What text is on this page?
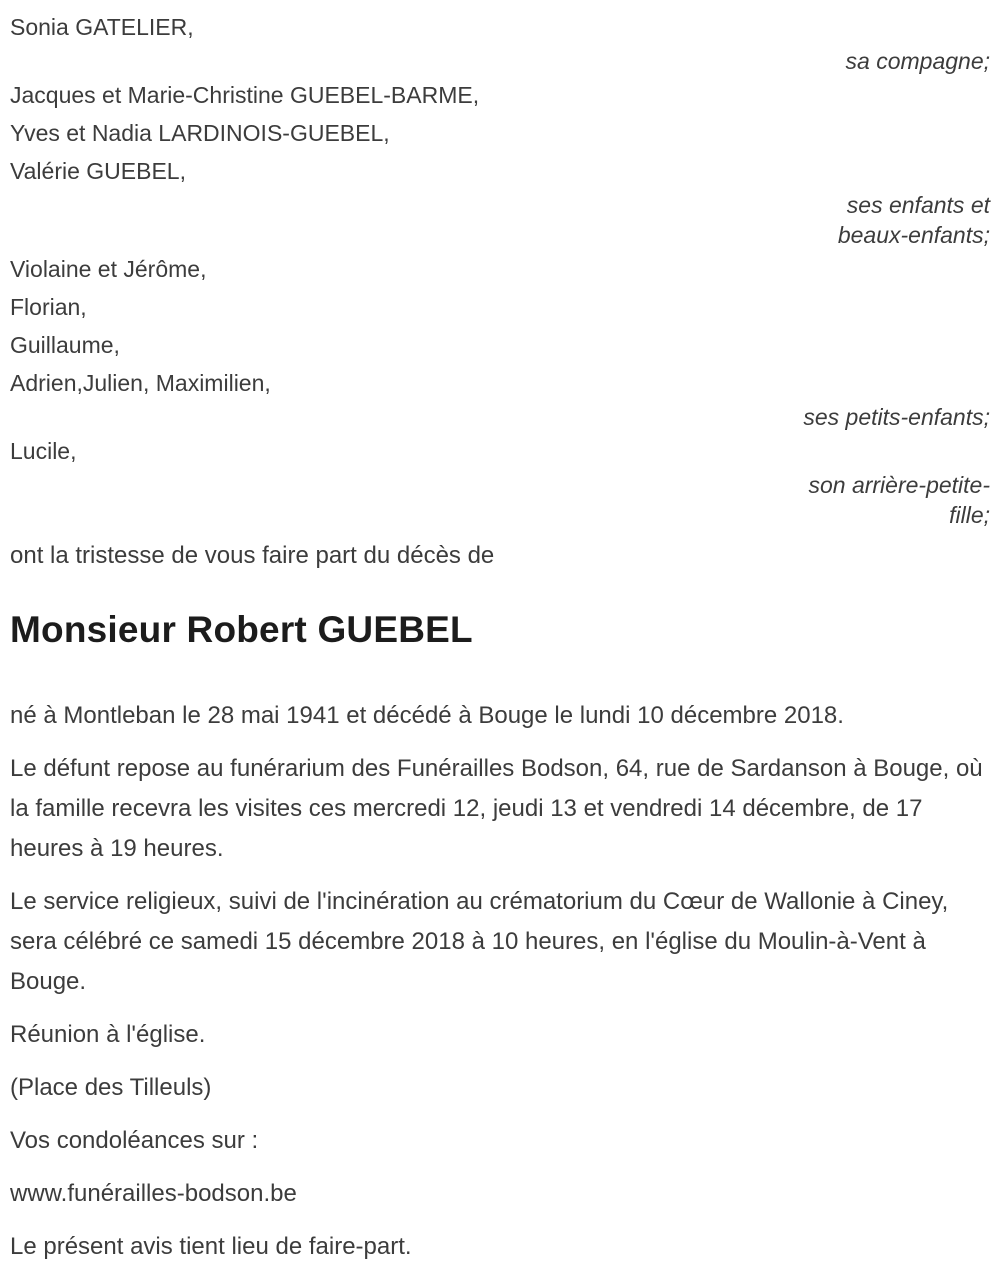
Sonia GATELIER,

sa compagne;

Jacques et Marie-Christine GUEBEL-BARME,

Yves et Nadia LARDINOIS-GUEBEL,

Valérie GUEBEL,

ses enfants et

beaux-enfants;

Violaine et Jérôme,

Florian,

Guillaume,

Adrien,Julien, Maximilien,

ses petits-enfants;

Lucile,

son arrière-petite-

fille;

ont la tristesse de vous faire part du décès de

Monsieur Robert GUEBEL

né à Montleban le 28 mai 1941 et décédé à Bouge le lundi 10 décembre 2018.

Le défunt repose au funérarium des Funérailles Bodson, 64, rue de Sardanson à Bouge, où la famille recevra les visites ces mercredi 12, jeudi 13 et vendredi 14 décembre, de 17 heures à 19 heures.

Le service religieux, suivi de l'incinération au crématorium du Cœur de Wallonie à Ciney, sera célébré ce samedi 15 décembre 2018 à 10 heures, en l'église du Moulin-à-Vent à Bouge.

Réunion à l'église.

(Place des Tilleuls)

Vos condoléances sur :

www.funérailles-bodson.be

Le présent avis tient lieu de faire-part.
